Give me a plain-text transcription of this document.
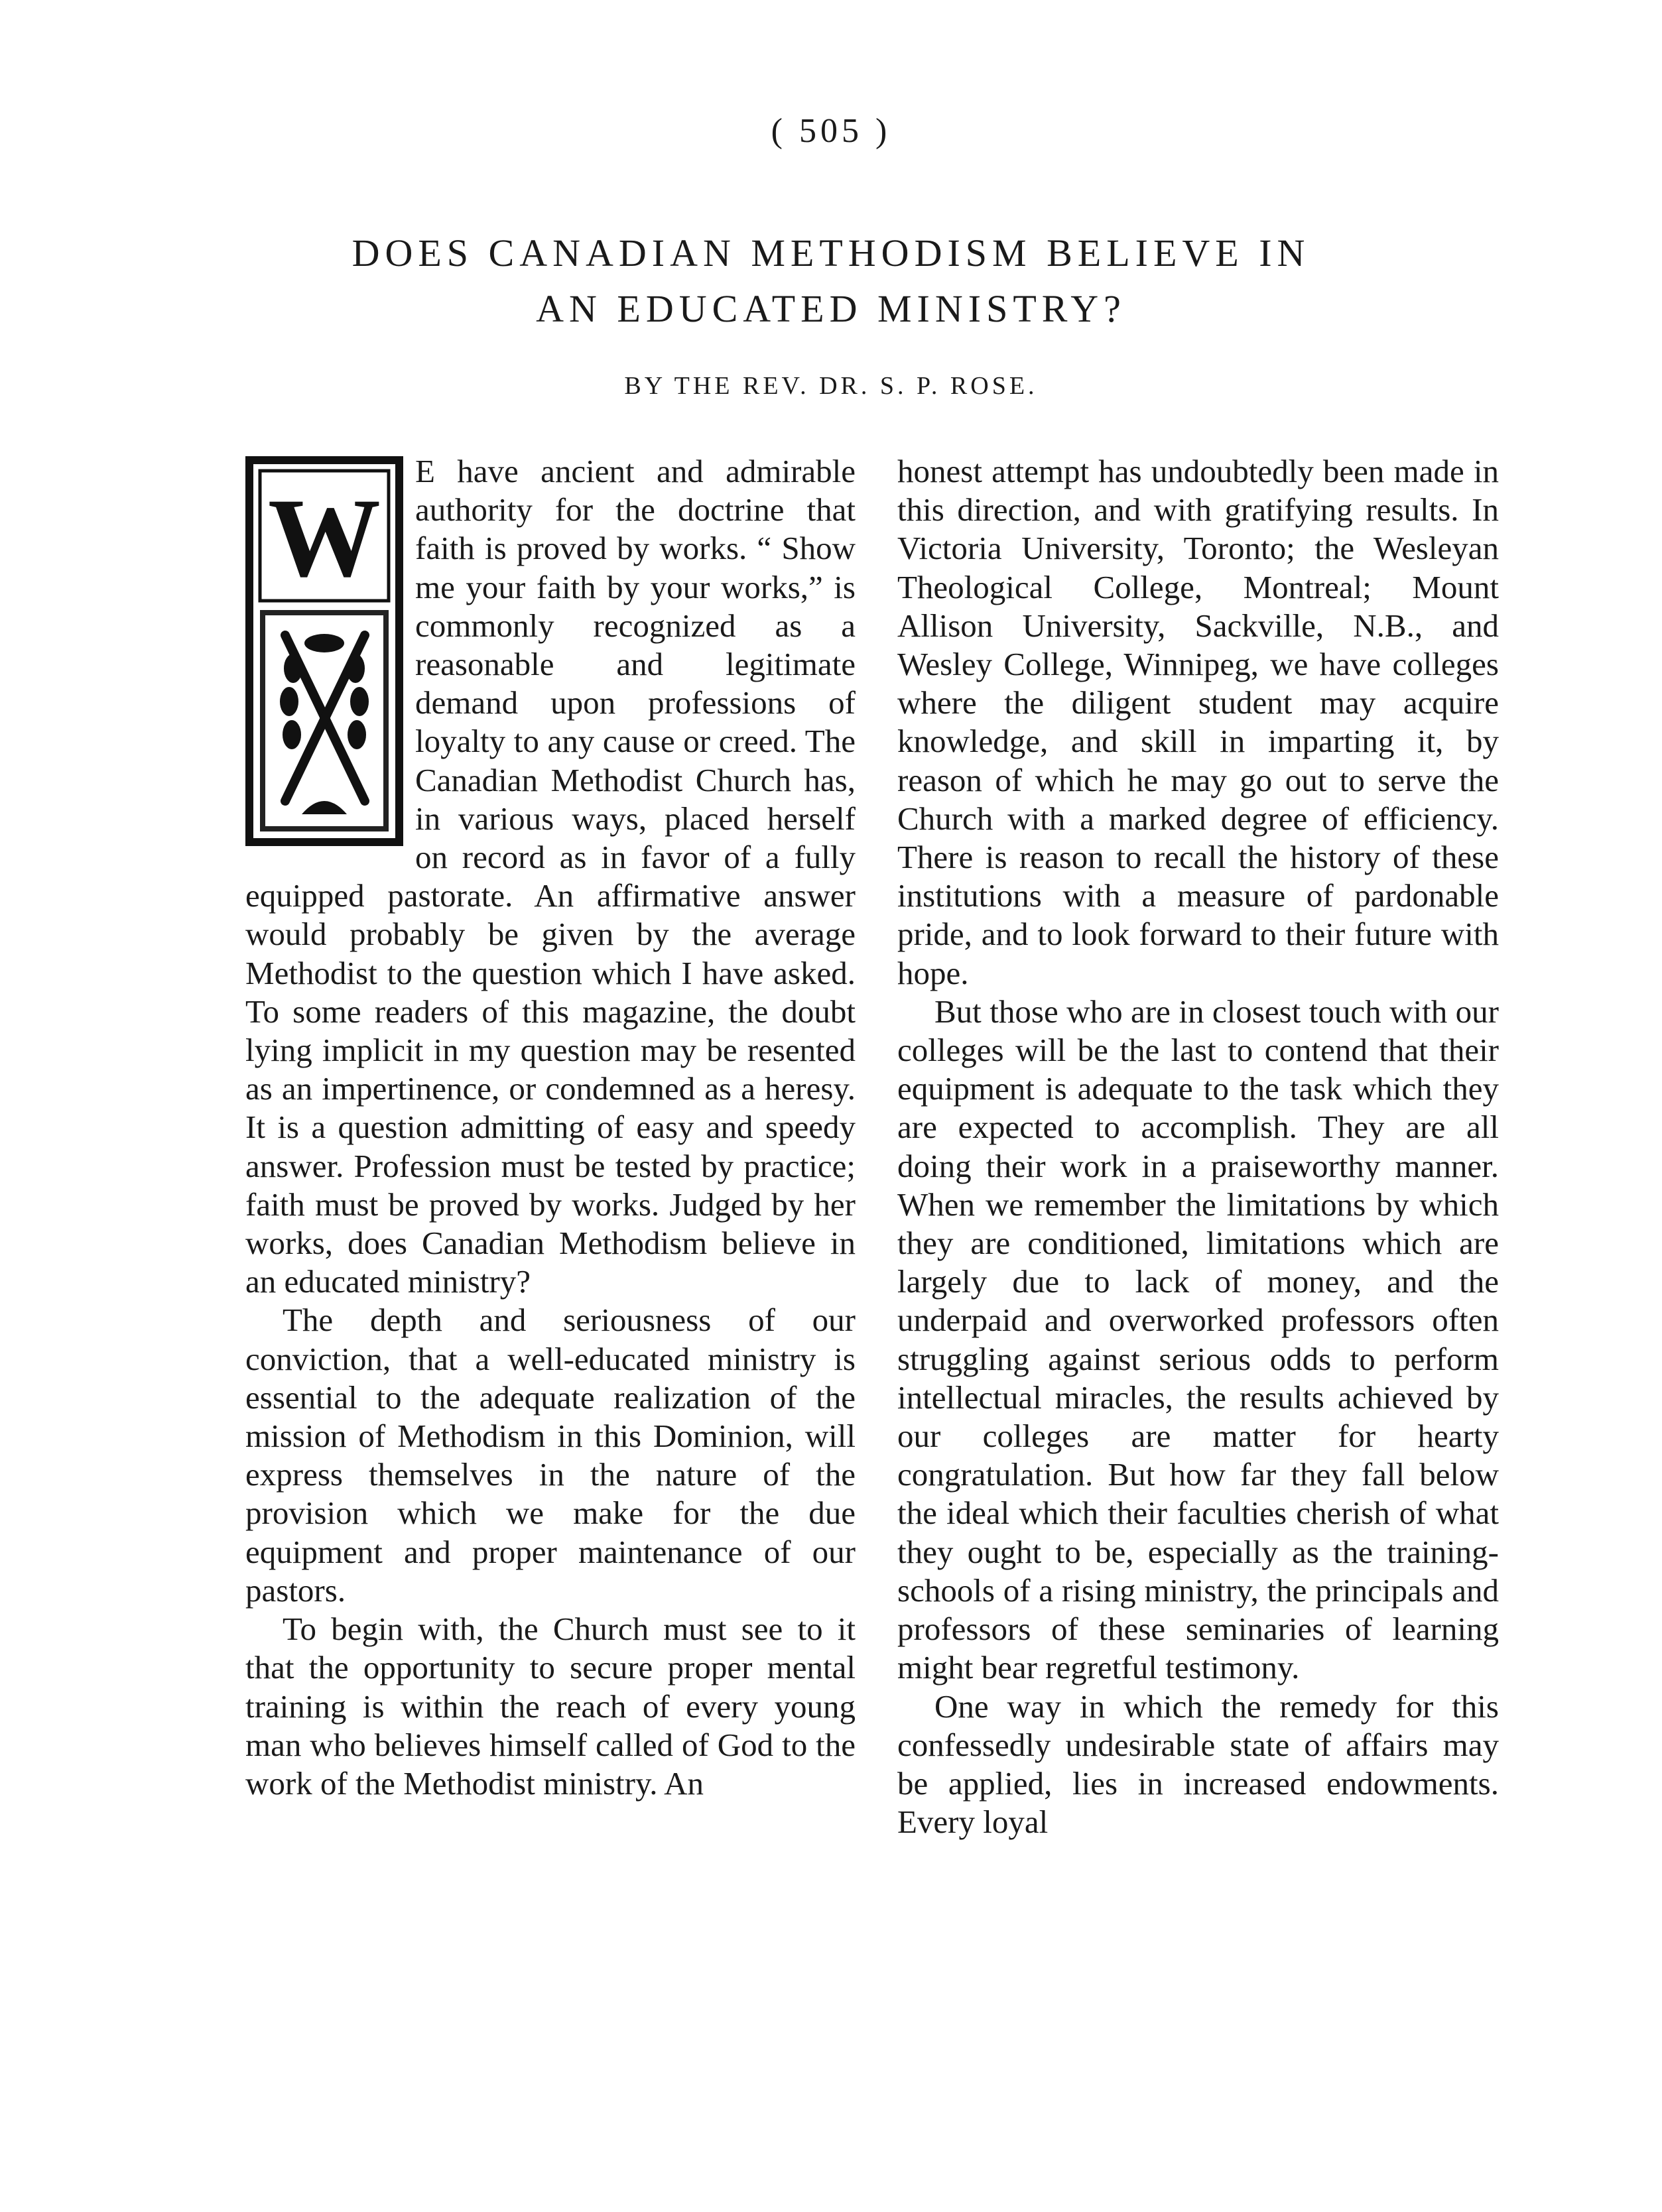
( 505 )
DOES CANADIAN METHODISM BELIEVE IN
AN EDUCATED MINISTRY?
BY THE REV. DR. S. P. ROSE.
W

E have ancient and admirable authority for the doctrine that faith is proved by works. “ Show me your faith by your works,” is commonly recognized as a reasonable and legitimate demand upon professions of loyalty to any cause or creed. The Canadian Methodist Church has, in various ways, placed herself on record as in favor of a fully equipped pastorate. An affirmative answer would probably be given by the average Methodist to the question which I have asked. To some readers of this magazine, the doubt lying implicit in my question may be resented as an impertinence, or condemned as a heresy. It is a question admitting of easy and speedy answer. Profession must be tested by practice; faith must be proved by works. Judged by her works, does Canadian Methodism believe in an educated ministry?

The depth and seriousness of our conviction, that a well-educated ministry is essential to the adequate realization of the mission of Methodism in this Dominion, will express themselves in the nature of the provision which we make for the due equipment and proper maintenance of our pastors.

To begin with, the Church must see to it that the opportunity to secure proper mental training is within the reach of every young man who believes himself called of God to the work of the Methodist ministry. An

honest attempt has undoubtedly been made in this direction, and with gratifying results. In Victoria University, Toronto; the Wesleyan Theological College, Montreal; Mount Allison University, Sackville, N.B., and Wesley College, Winnipeg, we have colleges where the diligent student may acquire knowledge, and skill in imparting it, by reason of which he may go out to serve the Church with a marked degree of efficiency. There is reason to recall the history of these institutions with a measure of pardonable pride, and to look forward to their future with hope.

But those who are in closest touch with our colleges will be the last to contend that their equipment is adequate to the task which they are expected to accomplish. They are all doing their work in a praiseworthy manner. When we remember the limitations by which they are conditioned, limitations which are largely due to lack of money, and the underpaid and overworked professors often struggling against serious odds to perform intellectual miracles, the results achieved by our colleges are matter for hearty congratulation. But how far they fall below the ideal which their faculties cherish of what they ought to be, especially as the training-schools of a rising ministry, the principals and professors of these seminaries of learning might bear regretful testimony.

One way in which the remedy for this confessedly undesirable state of affairs may be applied, lies in increased endowments. Every loyal
